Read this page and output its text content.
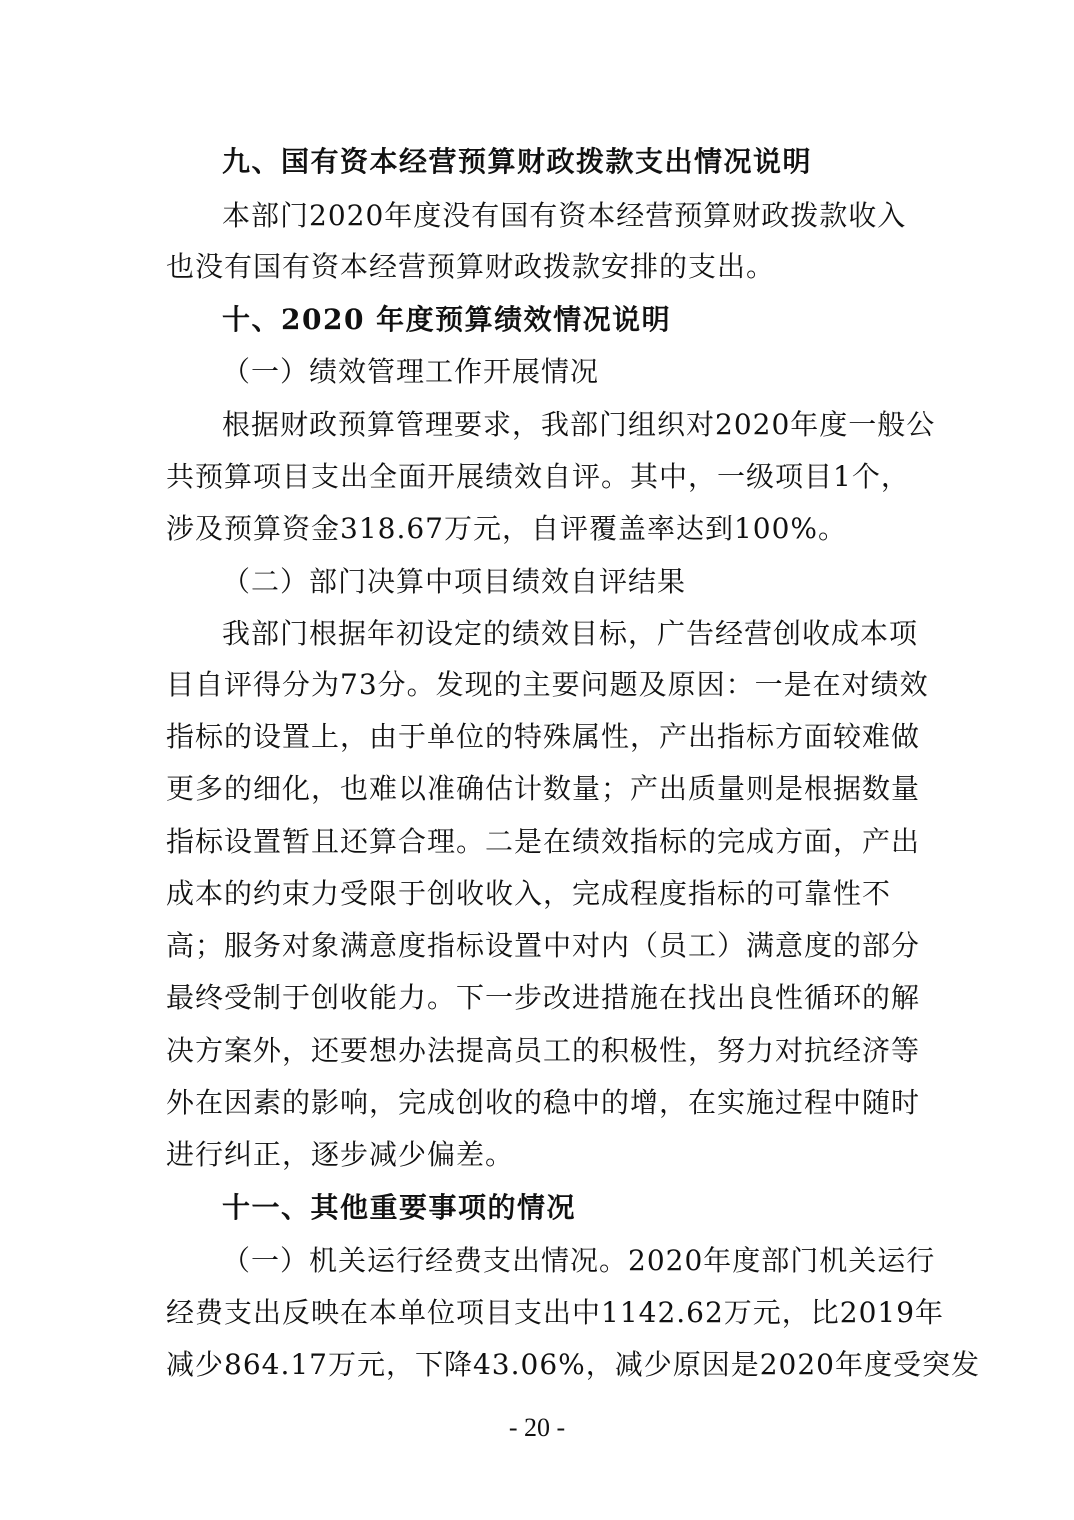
九、国有资本经营预算财政拨款支出情况说明
本部门2020年度没有国有资本经营预算财政拨款收入
也没有国有资本经营预算财政拨款安排的支出。
十、2020 年度预算绩效情况说明
（一）绩效管理工作开展情况
根据财政预算管理要求，我部门组织对2020年度一般公
共预算项目支出全面开展绩效自评。其中，一级项目1个，
涉及预算资金318.67万元，自评覆盖率达到100%。
（二）部门决算中项目绩效自评结果
我部门根据年初设定的绩效目标，广告经营创收成本项
目自评得分为73分。发现的主要问题及原因：一是在对绩效
指标的设置上，由于单位的特殊属性，产出指标方面较难做
更多的细化，也难以准确估计数量；产出质量则是根据数量
指标设置暂且还算合理。二是在绩效指标的完成方面，产出
成本的约束力受限于创收收入，完成程度指标的可靠性不
高；服务对象满意度指标设置中对内（员工）满意度的部分
最终受制于创收能力。下一步改进措施在找出良性循环的解
决方案外，还要想办法提高员工的积极性，努力对抗经济等
外在因素的影响，完成创收的稳中的增，在实施过程中随时
进行纠正，逐步减少偏差。
十一、其他重要事项的情况
（一）机关运行经费支出情况。2020年度部门机关运行
经费支出反映在本单位项目支出中1142.62万元，比2019年
减少864.17万元，下降43.06%，减少原因是2020年度受突发
- 20 -
